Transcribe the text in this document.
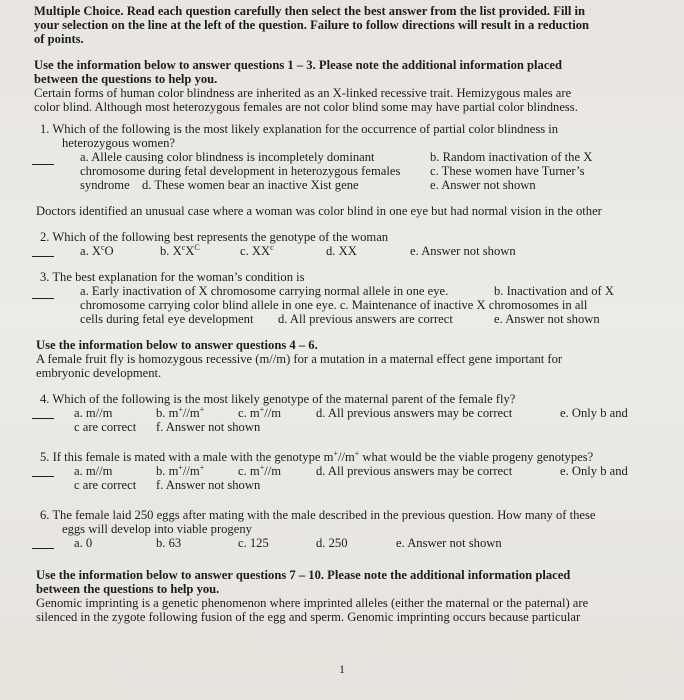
Multiple Choice. Read each question carefully then select the best answer from the list provided. Fill in
your selection on the line at the left of the question. Failure to follow directions will result in a reduction
of points.
Use the information below to answer questions 1 – 3. Please note the additional information placed
between the questions to help you.
Certain forms of human color blindness are inherited as an X-linked recessive trait. Hemizygous males are
color blind. Although most heterozygous females are not color blind some may have partial color blindness.
1. Which of the following is the most likely explanation for the occurrence of partial color blindness in
heterozygous women?
a. Allele causing color blindness is incompletely dominant	b. Random inactivation of the X
chromosome during fetal development in heterozygous females	c. These women have Turner’s
syndrome d. These women bear an inactive Xist gene	e. Answer not shown
Doctors identified an unusual case where a woman was color blind in one eye but had normal vision in the other
2. Which of the following best represents the genotype of the woman
a. $X^cO$	b. $X^cX^C$	c. $XX^c$	d. XX	e. Answer not shown
3. The best explanation for the woman’s condition is
a. Early inactivation of X chromosome carrying normal allele in one eye.	b. Inactivation and of X
chromosome carrying color blind allele in one eye. c. Maintenance of inactive X chromosomes in all
cells during fetal eye development	d. All previous answers are correct	e. Answer not shown
Use the information below to answer questions 4 – 6.
A female fruit fly is homozygous recessive (m//m) for a mutation in a maternal effect gene important for
embryonic development.
4. Which of the following is the most likely genotype of the maternal parent of the female fly?
a. m//m	b. m+//m+	c. m+//m	d. All previous answers may be correct	e. Only b and
c are correct	f. Answer not shown
5. If this female is mated with a male with the genotype m+//m+ what would be the viable progeny genotypes?
a. m//m	b. m+//m+	c. m+//m	d. All previous answers may be correct	e. Only b and
c are correct	f. Answer not shown
6. The female laid 250 eggs after mating with the male described in the previous question. How many of these
eggs will develop into viable progeny
a. 0	b. 63	c. 125	d. 250	e. Answer not shown
Use the information below to answer questions 7 – 10. Please note the additional information placed
between the questions to help you.
Genomic imprinting is a genetic phenomenon where imprinted alleles (either the maternal or the paternal) are
silenced in the zygote following fusion of the egg and sperm. Genomic imprinting occurs because particular
1
